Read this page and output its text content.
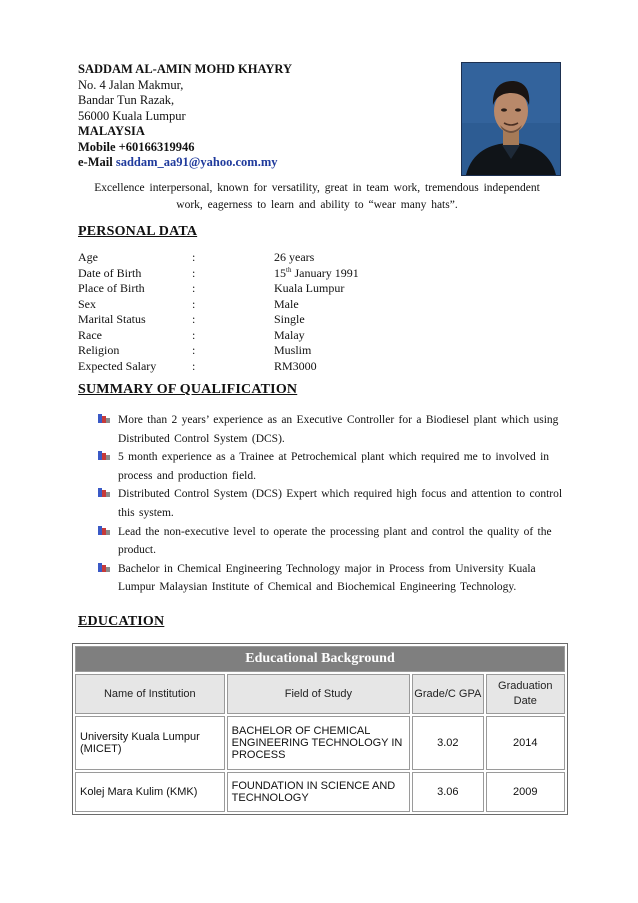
SADDAM AL-AMIN MOHD KHAYRY
No. 4 Jalan Makmur,
Bandar Tun Razak,
56000 Kuala Lumpur
MALAYSIA
Mobile +60166319946
e-Mail saddam_aa91@yahoo.com.my
Excellence interpersonal, known for versatility, great in team work, tremendous independent work, eagerness to learn and ability to “wear many hats”.
PERSONAL DATA
Age	:	26 years
Date of Birth	:	15th January 1991
Place of Birth	:	Kuala Lumpur
Sex	:	Male
Marital Status	:	Single
Race	:	Malay
Religion	:	Muslim
Expected Salary	:	RM3000
SUMMARY OF QUALIFICATION
More than 2 years’ experience as an Executive Controller for a Biodiesel plant which using Distributed Control System (DCS).
5 month experience as a Trainee at Petrochemical plant which required me to involved in process and production field.
Distributed Control System (DCS) Expert which required high focus and attention to control this system.
Lead the non-executive level to operate the processing plant and control the quality of the product.
Bachelor in Chemical Engineering Technology major in Process from University Kuala Lumpur Malaysian Institute of Chemical and Biochemical Engineering Technology.
EDUCATION
Educational Background			
Name of Institution	Field of Study	Grade/C GPA	Graduation Date
University Kuala Lumpur (MICET)	BACHELOR OF CHEMICAL ENGINEERING TECHNOLOGY IN PROCESS	3.02	2014
Kolej Mara Kulim (KMK)	FOUNDATION IN SCIENCE AND TECHNOLOGY	3.06	2009
